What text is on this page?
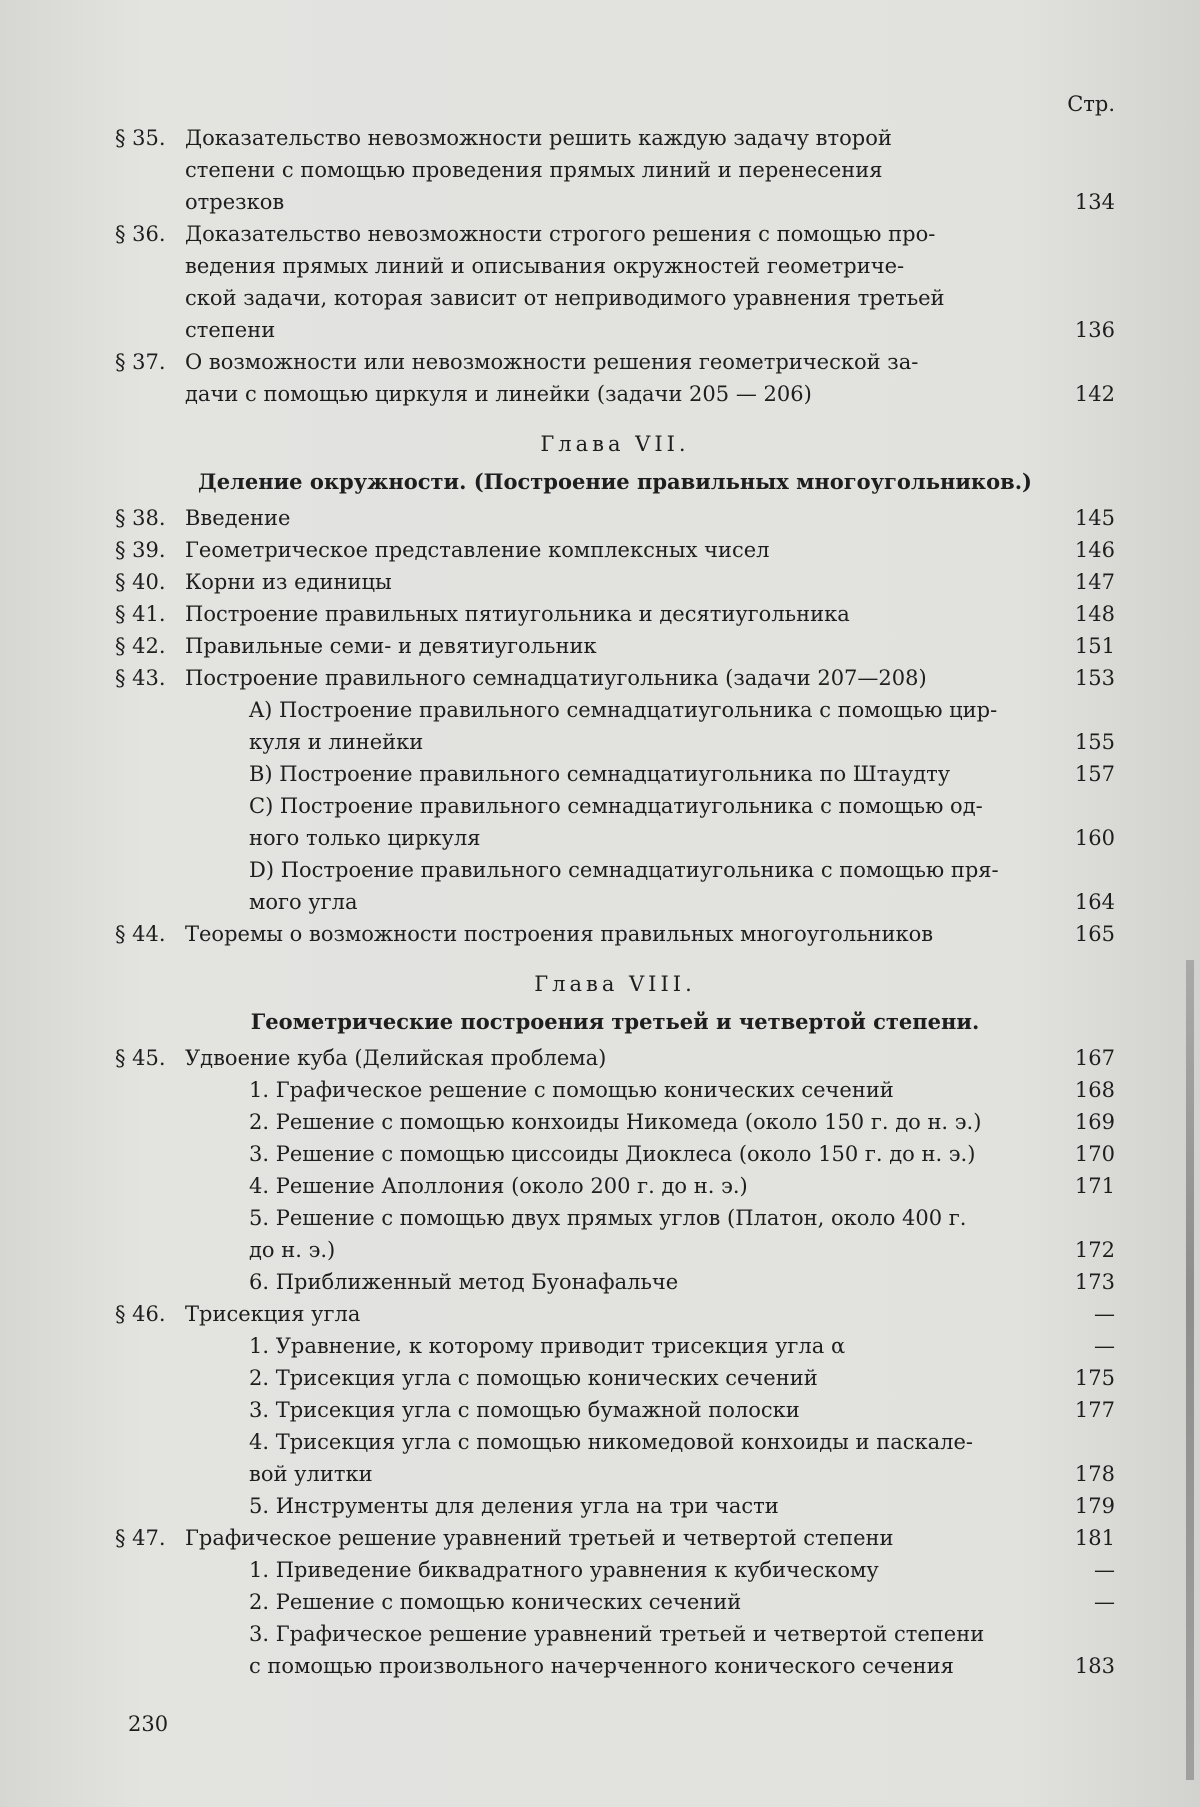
Стр.
§ 35. Доказательство невозможности решить каждую задачу второй
степени с помощью проведения прямых линий и перенесения
отрезков	134
§ 36. Доказательство невозможности строгого решения с помощью про-
ведения прямых линий и описывания окружностей геометриче-
ской задачи, которая зависит от неприводимого уравнения третьей
степени	136
§ 37. О возможности или невозможности решения геометрической за-
дачи с помощью циркуля и линейки (задачи 205 — 206)	142
Глава VII.
Деление окружности. (Построение правильных многоугольников.)
§ 38. Введение	145
§ 39. Геометрическое представление комплексных чисел	146
§ 40. Корни из единицы	147
§ 41. Построение правильных пятиугольника и десятиугольника	148
§ 42. Правильные семи- и девятиугольник	151
§ 43. Построение правильного семнадцатиугольника (задачи 207—208)	153
A) Построение правильного семнадцатиугольника с помощью цир-
куля и линейки	155
B) Построение правильного семнадцатиугольника по Штаудту	157
C) Построение правильного семнадцатиугольника с помощью од-
ного только циркуля	160
D) Построение правильного семнадцатиугольника с помощью пря-
мого угла	164
§ 44. Теоремы о возможности построения правильных многоугольников	165
Глава VIII.
Геометрические построения третьей и четвертой степени.
§ 45. Удвоение куба (Делийская проблема)	167
1. Графическое решение с помощью конических сечений	168
2. Решение с помощью конхоиды Никомеда (около 150 г. до н. э.)	169
3. Решение с помощью циссоиды Диоклеса (около 150 г. до н. э.)	170
4. Решение Аполлония (около 200 г. до н. э.)	171
5. Решение с помощью двух прямых углов (Платон, около 400 г.
до н. э.)	172
6. Приближенный метод Буонафальче	173
§ 46. Трисекция угла	—
1. Уравнение, к которому приводит трисекция угла α	—
2. Трисекция угла с помощью конических сечений	175
3. Трисекция угла с помощью бумажной полоски	177
4. Трисекция угла с помощью никомедовой конхоиды и паскале-
вой улитки	178
5. Инструменты для деления угла на три части	179
§ 47. Графическое решение уравнений третьей и четвертой степени	181
1. Приведение биквадратного уравнения к кубическому	—
2. Решение с помощью конических сечений	—
3. Графическое решение уравнений третьей и четвертой степени
с помощью произвольного начерченного конического сечения	183
230
